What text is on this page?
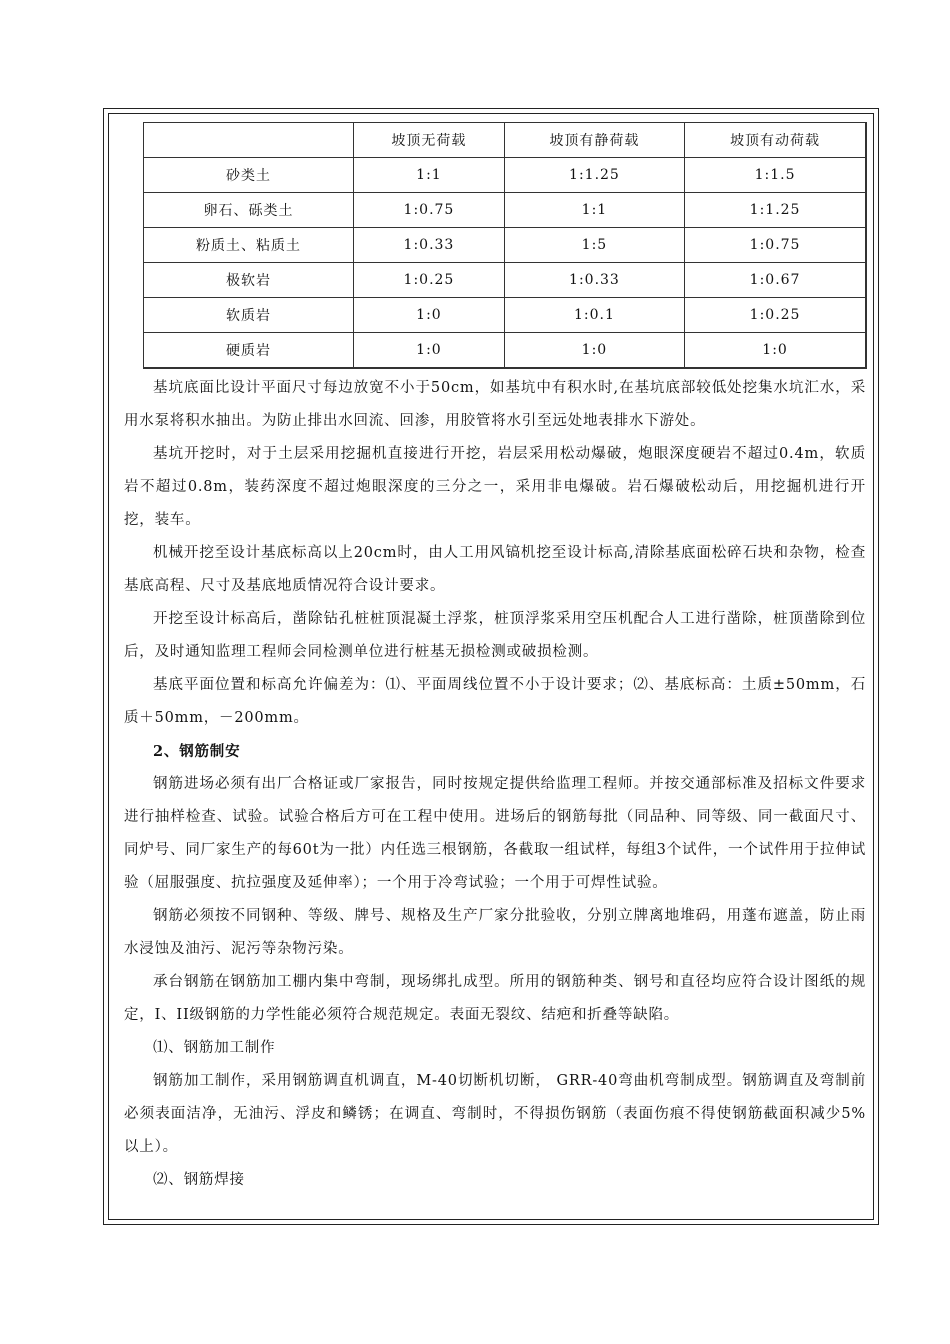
	坡顶无荷载	坡顶有静荷载	坡顶有动荷载
砂类土	1:1	1:1.25	1:1.5
卵石、砾类土	1:0.75	1:1	1:1.25
粉质土、粘质土	1:0.33	1:5	1:0.75
极软岩	1:0.25	1:0.33	1:0.67
软质岩	1:0	1:0.1	1:0.25
硬质岩	1:0	1:0	1:0

基坑底面比设计平面尺寸每边放宽不小于50cm，如基坑中有积水时,在基坑底部较低处挖集水坑汇水，采用水泵将积水抽出。为防止排出水回流、回渗，用胶管将水引至远处地表排水下游处。

基坑开挖时，对于土层采用挖掘机直接进行开挖，岩层采用松动爆破，炮眼深度硬岩不超过0.4m，软质岩不超过0.8m，装药深度不超过炮眼深度的三分之一，采用非电爆破。岩石爆破松动后，用挖掘机进行开挖，装车。

机械开挖至设计基底标高以上20cm时，由人工用风镐机挖至设计标高,清除基底面松碎石块和杂物，检查基底高程、尺寸及基底地质情况符合设计要求。

开挖至设计标高后，凿除钻孔桩桩顶混凝土浮浆，桩顶浮浆采用空压机配合人工进行凿除，桩顶凿除到位后，及时通知监理工程师会同检测单位进行桩基无损检测或破损检测。

基底平面位置和标高允许偏差为：⑴、平面周线位置不小于设计要求；⑵、基底标高：土质±50mm，石质＋50mm，－200mm。

2、钢筋制安

钢筋进场必须有出厂合格证或厂家报告，同时按规定提供给监理工程师。并按交通部标准及招标文件要求进行抽样检查、试验。试验合格后方可在工程中使用。进场后的钢筋每批（同品种、同等级、同一截面尺寸、同炉号、同厂家生产的每60t为一批）内任选三根钢筋，各截取一组试样，每组3个试件，一个试件用于拉伸试验（屈服强度、抗拉强度及延伸率）；一个用于冷弯试验；一个用于可焊性试验。

钢筋必须按不同钢种、等级、牌号、规格及生产厂家分批验收，分别立牌离地堆码，用蓬布遮盖，防止雨水浸蚀及油污、泥污等杂物污染。

承台钢筋在钢筋加工棚内集中弯制，现场绑扎成型。所用的钢筋种类、钢号和直径均应符合设计图纸的规定，I、II级钢筋的力学性能必须符合规范规定。表面无裂纹、结疤和折叠等缺陷。

⑴、钢筋加工制作

钢筋加工制作，采用钢筋调直机调直，M-40切断机切断， GRR-40弯曲机弯制成型。钢筋调直及弯制前必须表面洁净，无油污、浮皮和鳞锈；在调直、弯制时，不得损伤钢筋（表面伤痕不得使钢筋截面积减少5%以上）。

⑵、钢筋焊接
